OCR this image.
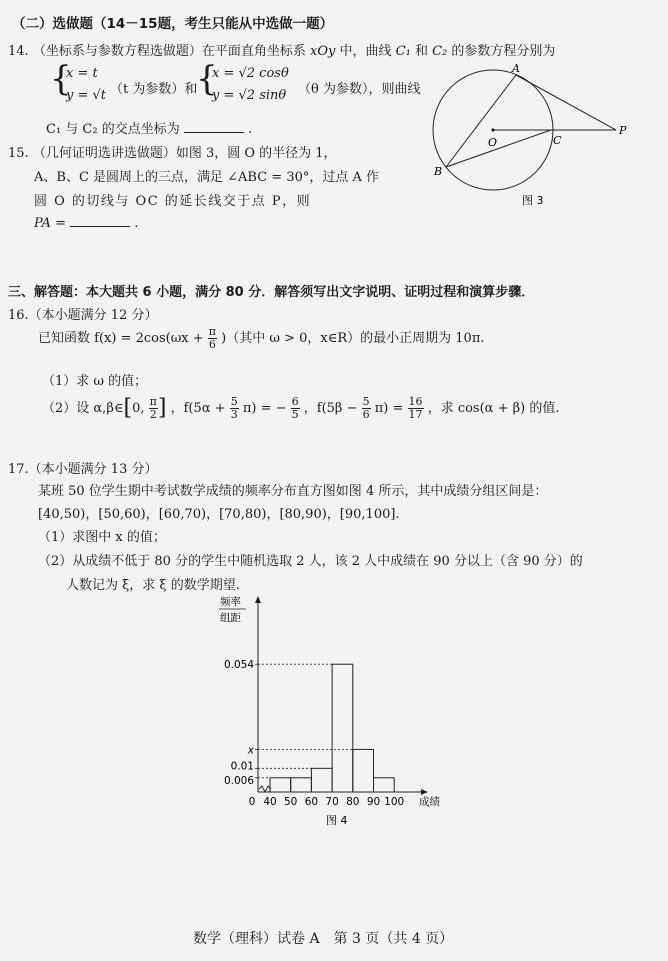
（二）选做题（14－15题，考生只能从中选做一题）
14. （坐标系与参数方程选做题）在平面直角坐标系 xOy 中，曲线 C₁ 和 C₂ 的参数方程分别为
{
x = t
y = √t （t 为参数）和
{
x = √2 cosθ
y = √2 sinθ （θ 为参数），则曲线
C₁ 与 C₂ 的交点坐标为	.
15. （几何证明选讲选做题）如图 3，圆 O 的半径为 1，
A、B、C 是圆周上的三点，满足 ∠ABC = 30°，过点 A 作
圆 O 的切线与 OC 的延长线交于点 P，则
PA =	.
A
B
C
O
P
图 3
三、解答题：本大题共 6 小题，满分 80 分．解答须写出文字说明、证明过程和演算步骤．
16.（本小题满分 12 分）
已知函数 $f(x) = 2\cos(\omega x + \frac{\pi}{6}$ )（其中 ω > 0，x∈R）的最小正周期为 10π.
（1）求 ω 的值；
（2）设 α,β∈[0, $\frac{\pi}{2}$ ] ，$f(5\alpha + \frac{5}{3} \pi)$ = − $\frac{6}{5}$ ，$f(5\beta - \frac{5}{6} \pi) = \frac{16}{17}$ ，求 cos(α + β) 的值.
17.（本小题满分 13 分）
某班 50 位学生期中考试数学成绩的频率分布直方图如图 4 所示，其中成绩分组区间是：
[40,50)，[50,60)，[60,70)，[70,80)，[80,90)，[90,100].
（1）求图中 x 的值；
（2）从成绩不低于 80 分的学生中随机选取 2 人，该 2 人中成绩在 90 分以上（含 90 分）的
人数记为 ξ，求 ξ 的数学期望.
频率
组距
成绩
0.054
x
0.01
0.006
0 40 50 60 70 80 90 100
图 4
数学（理科）试卷 A　第 3 页（共 4 页）
